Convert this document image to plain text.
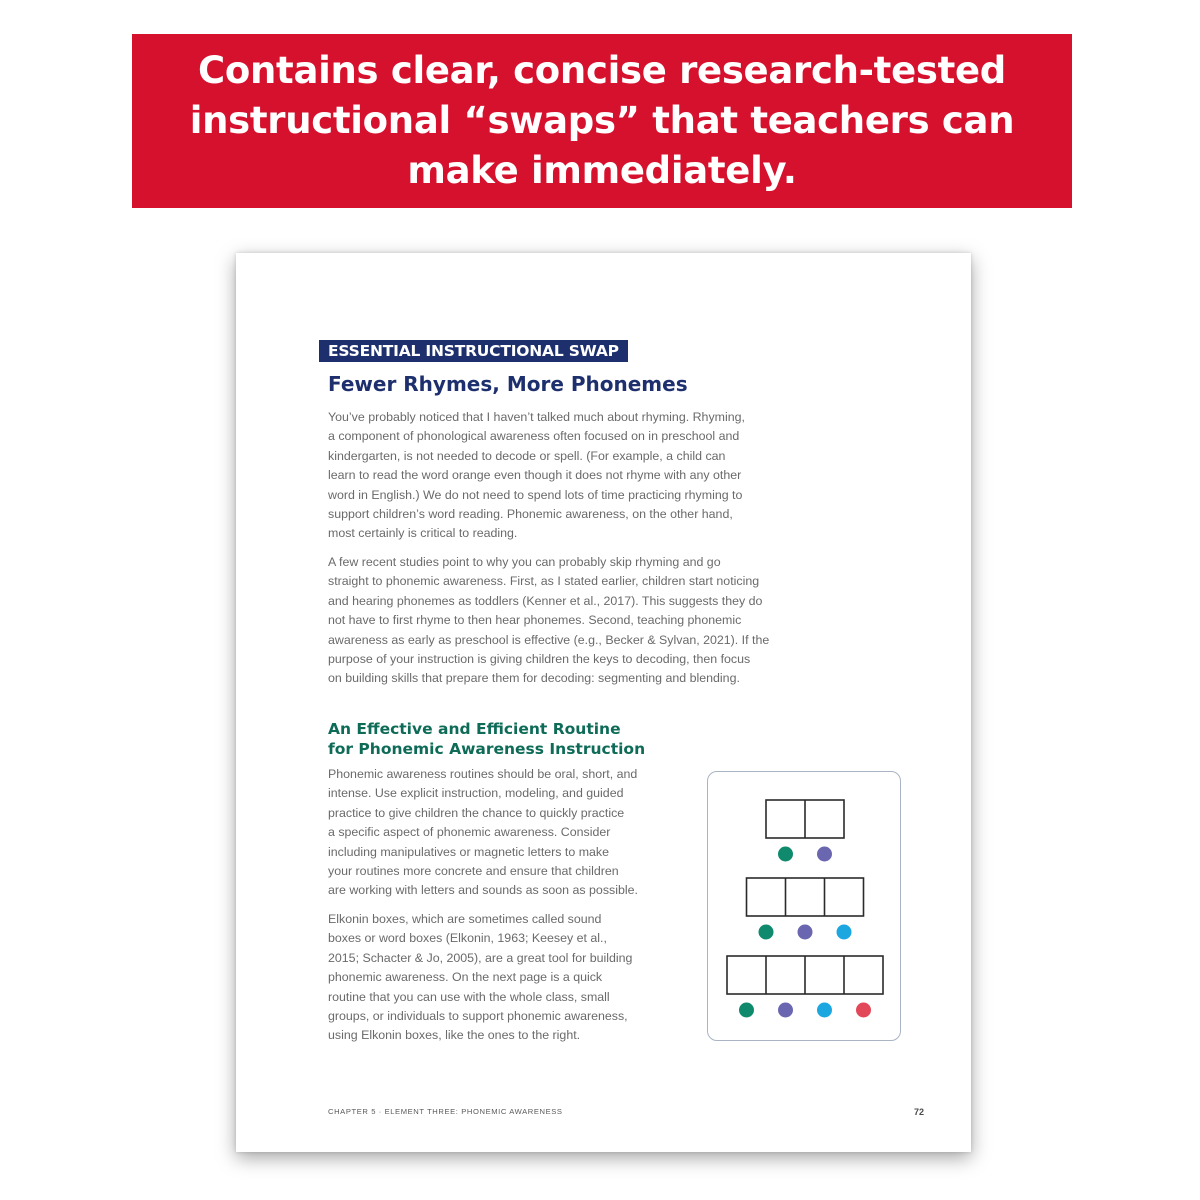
Contains clear, concise research-tested
instructional “swaps” that teachers can
make immediately.
ESSENTIAL INSTRUCTIONAL SWAP
Fewer Rhymes, More Phonemes

You’ve probably noticed that I haven’t talked much about rhyming. Rhyming,
a component of phonological awareness often focused on in preschool and
kindergarten, is not needed to decode or spell. (For example, a child can
learn to read the word orange even though it does not rhyme with any other
word in English.) We do not need to spend lots of time practicing rhyming to
support children’s word reading. Phonemic awareness, on the other hand,
most certainly is critical to reading.

A few recent studies point to why you can probably skip rhyming and go
straight to phonemic awareness. First, as I stated earlier, children start noticing
and hearing phonemes as toddlers (Kenner et al., 2017). This suggests they do
not have to first rhyme to then hear phonemes. Second, teaching phonemic
awareness as early as preschool is effective (e.g., Becker & Sylvan, 2021). If the
purpose of your instruction is giving children the keys to decoding, then focus
on building skills that prepare them for decoding: segmenting and blending.

An Effective and Efficient Routine
for Phonemic Awareness Instruction

Phonemic awareness routines should be oral, short, and
intense. Use explicit instruction, modeling, and guided
practice to give children the chance to quickly practice
a specific aspect of phonemic awareness. Consider
including manipulatives or magnetic letters to make
your routines more concrete and ensure that children
are working with letters and sounds as soon as possible.

Elkonin boxes, which are sometimes called sound
boxes or word boxes (Elkonin, 1963; Keesey et al.,
2015; Schacter & Jo, 2005), are a great tool for building
phonemic awareness. On the next page is a quick
routine that you can use with the whole class, small
groups, or individuals to support phonemic awareness,
using Elkonin boxes, like the ones to the right.

CHAPTER 5 · ELEMENT THREE: PHONEMIC AWARENESS	72
